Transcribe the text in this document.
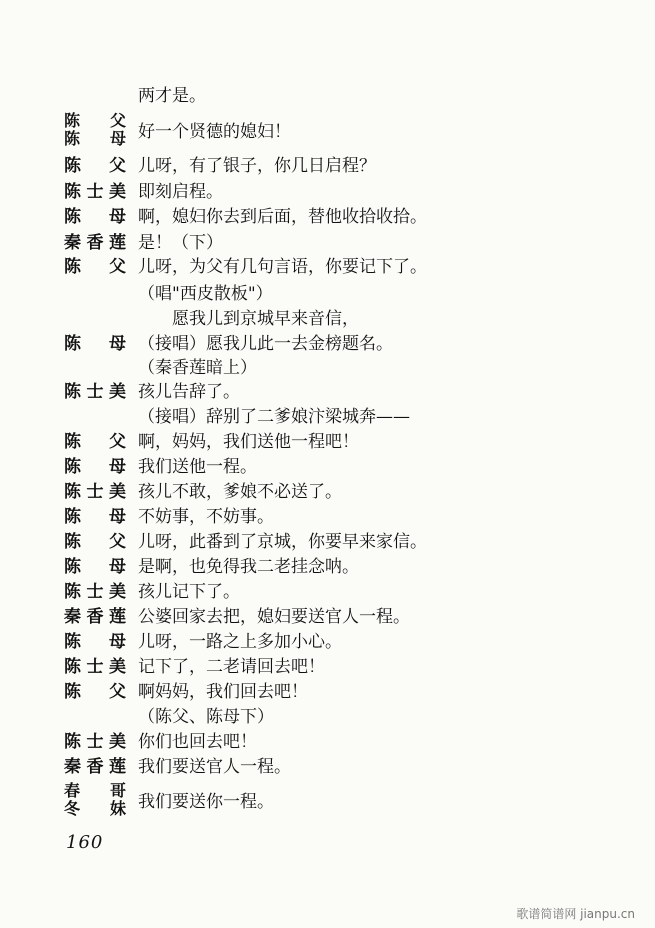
两才是。
陈 父
陈 母 好一个贤德的媳妇！
陈 父 儿呀，有了银子，你几日启程？
陈士美 即刻启程。
陈 母 啊，媳妇你去到后面，替他收拾收拾。
秦香莲 是！（下）
陈 父 儿呀，为父有几句言语，你要记下了。
（唱"西皮散板"）
愿我儿到京城早来音信，
陈 母 （接唱）愿我儿此一去金榜题名。
（秦香莲暗上）
陈士美 孩儿告辞了。
（接唱）辞别了二爹娘汴梁城奔——
陈 父 啊，妈妈，我们送他一程吧！
陈 母 我们送他一程。
陈士美 孩儿不敢，爹娘不必送了。
陈 母 不妨事，不妨事。
陈 父 儿呀，此番到了京城，你要早来家信。
陈 母 是啊，也免得我二老挂念呐。
陈士美 孩儿记下了。
秦香莲 公婆回家去把，媳妇要送官人一程。
陈 母 儿呀，一路之上多加小心。
陈士美 记下了，二老请回去吧！
陈 父 啊妈妈，我们回去吧！
（陈父、陈母下）
陈士美 你们也回去吧！
秦香莲 我们要送官人一程。
春 哥
冬 妹 我们要送你一程。
160
歌谱简谱网 jianpu.cn
